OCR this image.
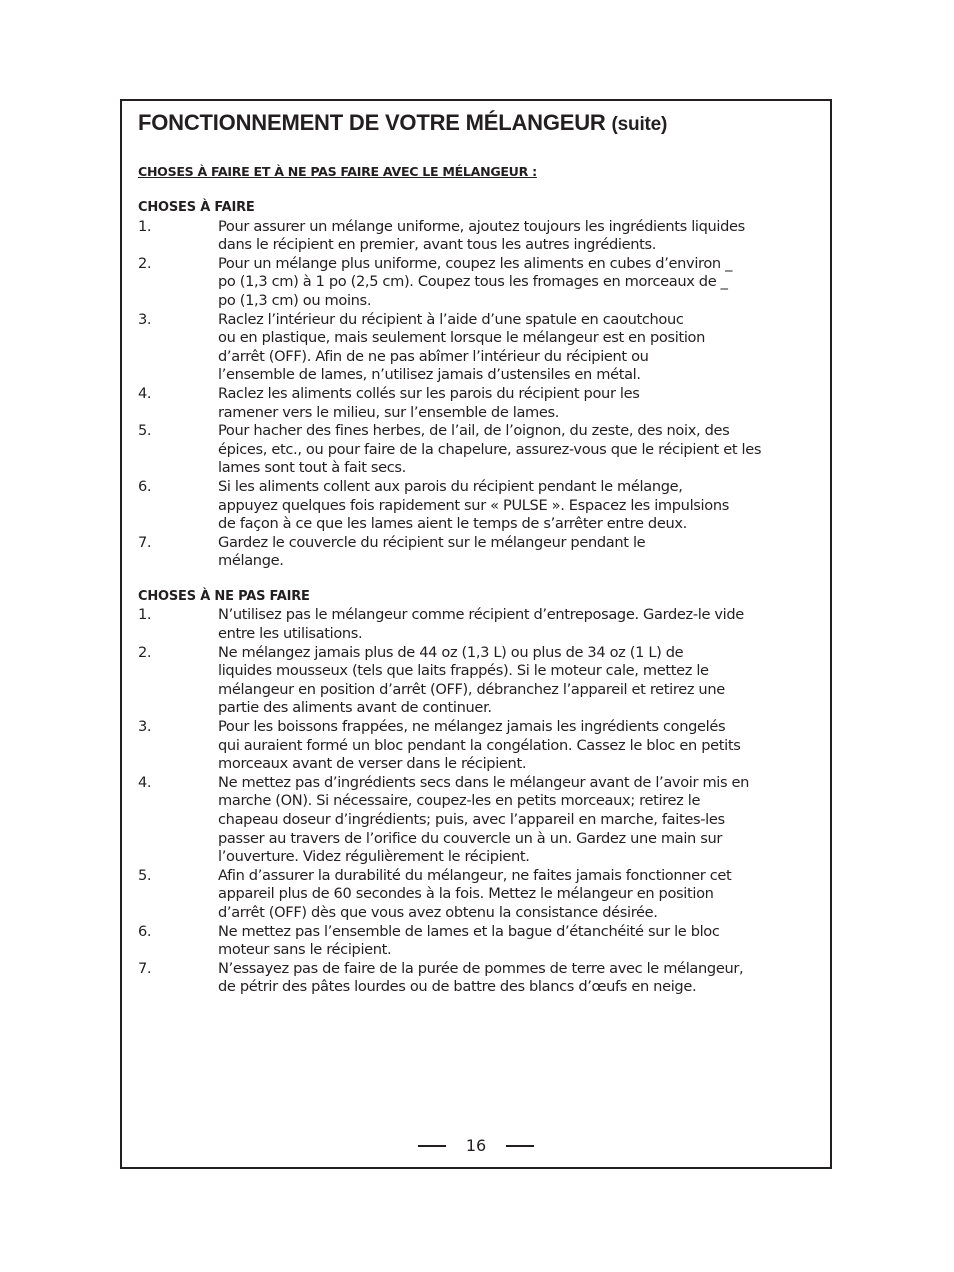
FONCTIONNEMENT DE VOTRE MÉLANGEUR (suite)
CHOSES À FAIRE ET À NE PAS FAIRE AVEC LE MÉLANGEUR :
CHOSES À FAIRE
1.	Pour assurer un mélange uniforme, ajoutez toujours les ingrédients liquides
dans le récipient en premier, avant tous les autres ingrédients.
2.	Pour un mélange plus uniforme, coupez les aliments en cubes d’environ _
po (1,3 cm) à 1 po (2,5 cm). Coupez tous les fromages en morceaux de _
po (1,3 cm) ou moins.
3.	Raclez l’intérieur du récipient à l’aide d’une spatule en caoutchouc
ou en plastique, mais seulement lorsque le mélangeur est en position
d’arrêt (OFF). Afin de ne pas abîmer l’intérieur du récipient ou
l’ensemble de lames, n’utilisez jamais d’ustensiles en métal.
4.	Raclez les aliments collés sur les parois du récipient pour les
ramener vers le milieu, sur l’ensemble de lames.
5.	Pour hacher des fines herbes, de l’ail, de l’oignon, du zeste, des noix, des
épices, etc., ou pour faire de la chapelure, assurez-vous que le récipient et les
lames sont tout à fait secs.
6.	Si les aliments collent aux parois du récipient pendant le mélange,
appuyez quelques fois rapidement sur « PULSE ». Espacez les impulsions
de façon à ce que les lames aient le temps de s’arrêter entre deux.
7.	Gardez le couvercle du récipient sur le mélangeur pendant le
mélange.
CHOSES À NE PAS FAIRE
1.	N’utilisez pas le mélangeur comme récipient d’entreposage. Gardez-le vide
entre les utilisations.
2.	Ne mélangez jamais plus de 44 oz (1,3 L) ou plus de 34 oz (1 L) de
liquides mousseux (tels que laits frappés). Si le moteur cale, mettez le
mélangeur en position d’arrêt (OFF), débranchez l’appareil et retirez une
partie des aliments avant de continuer.
3.	Pour les boissons frappées, ne mélangez jamais les ingrédients congelés
qui auraient formé un bloc pendant la congélation. Cassez le bloc en petits
morceaux avant de verser dans le récipient.
4.	Ne mettez pas d’ingrédients secs dans le mélangeur avant de l’avoir mis en
marche (ON). Si nécessaire, coupez-les en petits morceaux; retirez le
chapeau doseur d’ingrédients; puis, avec l’appareil en marche, faites-les
passer au travers de l’orifice du couvercle un à un. Gardez une main sur
l’ouverture. Videz régulièrement le récipient.
5.	Afin d’assurer la durabilité du mélangeur, ne faites jamais fonctionner cet
appareil plus de 60 secondes à la fois. Mettez le mélangeur en position
d’arrêt (OFF) dès que vous avez obtenu la consistance désirée.
6.	Ne mettez pas l’ensemble de lames et la bague d’étanchéité sur le bloc
moteur sans le récipient.
7.	N’essayez pas de faire de la purée de pommes de terre avec le mélangeur,
de pétrir des pâtes lourdes ou de battre des blancs d’œufs en neige.
16
